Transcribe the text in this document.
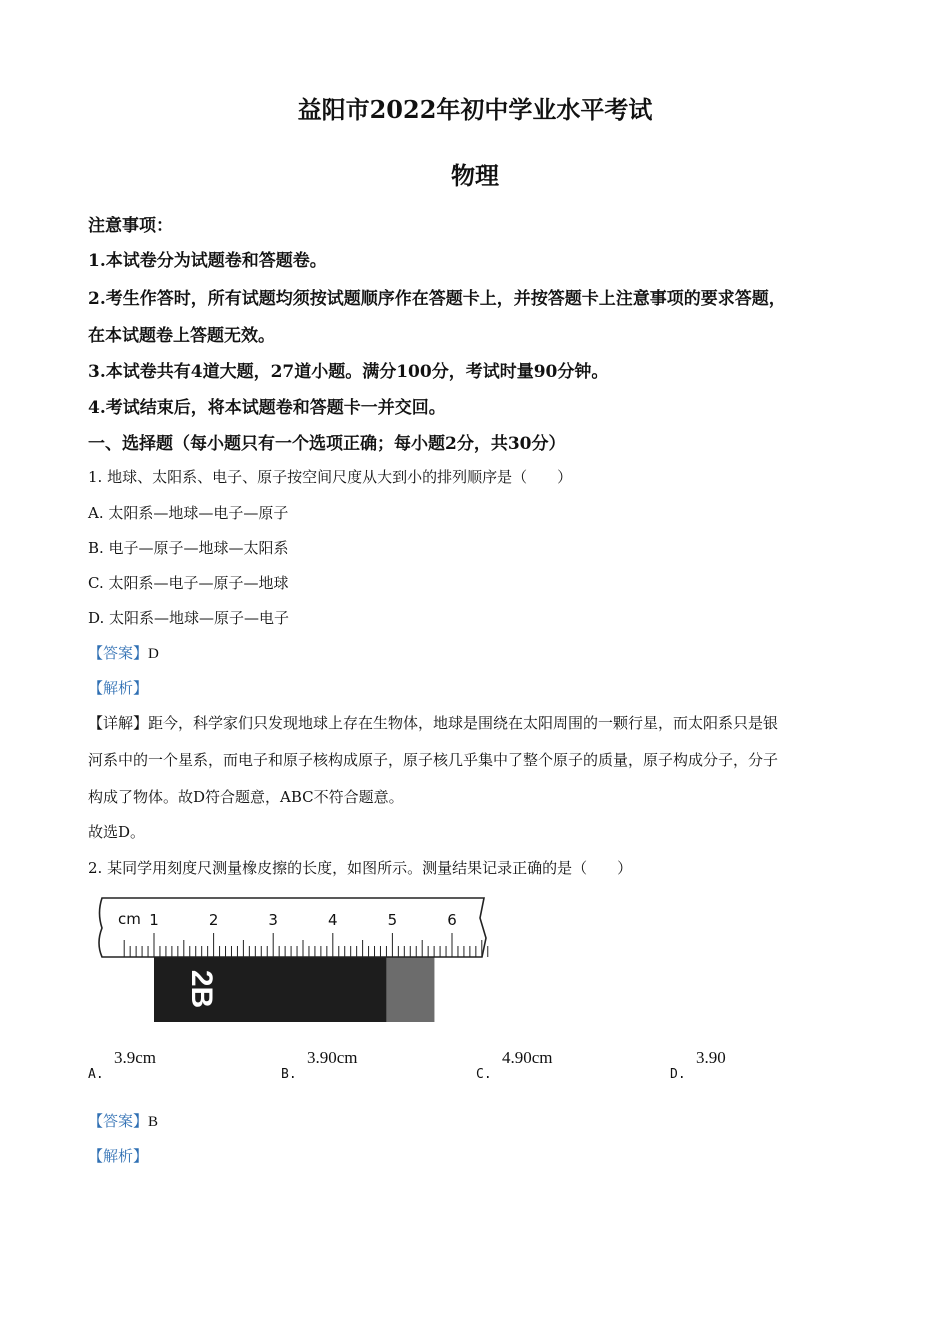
益阳市2022年初中学业水平考试
物理
注意事项：
1.本试卷分为试题卷和答题卷。
2.考生作答时，所有试题均须按试题顺序作在答题卡上，并按答题卡上注意事项的要求答题，
在本试题卷上答题无效。
3.本试卷共有4道大题，27道小题。满分100分，考试时量90分钟。
4.考试结束后，将本试题卷和答题卡一并交回。
一、选择题（每小题只有一个选项正确；每小题2分，共30分）
1. 地球、太阳系、电子、原子按空间尺度从大到小的排列顺序是（　　）
A. 太阳系—地球—电子—原子
B. 电子—原子—地球—太阳系
C. 太阳系—电子—原子—地球
D. 太阳系—地球—原子—电子
【答案】D
【解析】
【详解】距今，科学家们只发现地球上存在生物体，地球是围绕在太阳周围的一颗行星，而太阳系只是银
河系中的一个星系，而电子和原子核构成原子，原子核几乎集中了整个原子的质量，原子构成分子，分子
构成了物体。故D符合题意，ABC不符合题意。
故选D。
2. 某同学用刻度尺测量橡皮擦的长度，如图所示。测量结果记录正确的是（　　）
2B
1	2	3	4	5	6
cm
A.
3.9cm
B.
3.90cm
C.
4.90cm
D.
3.90
【答案】B
【解析】
